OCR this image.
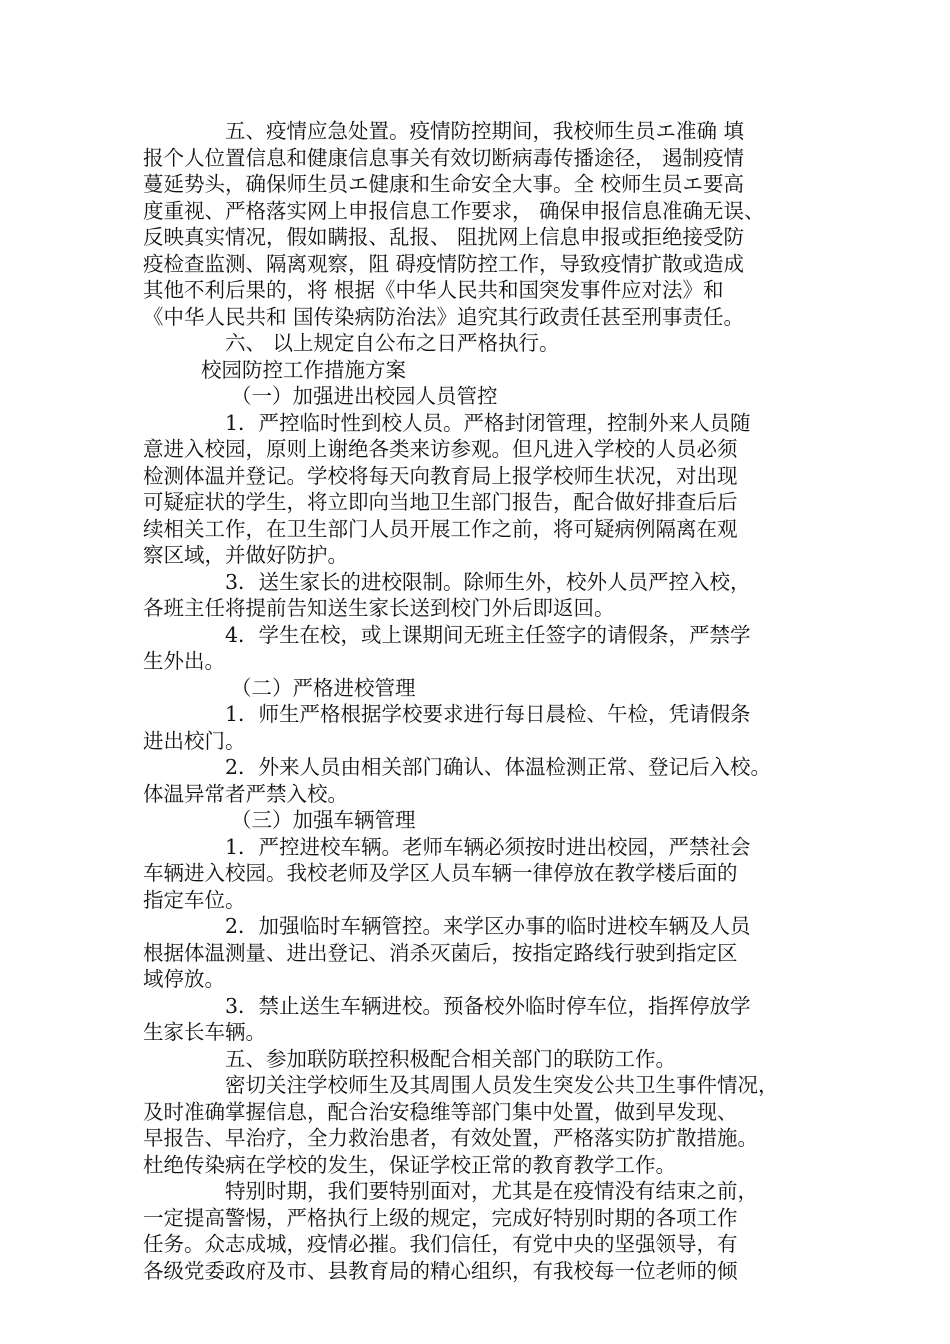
五、疫情应急处置。疫情防控期间，我校师生员エ准确 填
报个人位置信息和健康信息事关有效切断病毒传播途径， 遏制疫情
蔓延势头，确保师生员エ健康和生命安全大事。全 校师生员エ要高
度重视、严格落实网上申报信息工作要求， 确保申报信息准确无误、
反映真实情况，假如瞒报、乱报、 阻扰网上信息申报或拒绝接受防
疫检查监测、隔离观察，阻 碍疫情防控工作，导致疫情扩散或造成
其他不利后果的，将 根据《中华人民共和国突发事件应对法》和
《中华人民共和 国传染病防治法》追究其行政责任甚至刑事责任。
六、 以上规定自公布之日严格执行。
校园防控工作措施方案
（一）加强进出校园人员管控
1．严控临时性到校人员。严格封闭管理，控制外来人员随
意进入校园，原则上谢绝各类来访参观。但凡进入学校的人员必须
检测体温并登记。学校将每天向教育局上报学校师生状况，对出现
可疑症状的学生，将立即向当地卫生部门报告，配合做好排查后后
续相关工作，在卫生部门人员开展工作之前，将可疑病例隔离在观
察区域，并做好防护。
3．送生家长的进校限制。除师生外，校外人员严控入校，
各班主任将提前告知送生家长送到校门外后即返回。
4．学生在校，或上课期间无班主任签字的请假条，严禁学
生外出。
（二）严格进校管理
1．师生严格根据学校要求进行每日晨检、午检，凭请假条
进出校门。
2．外来人员由相关部门确认、体温检测正常、登记后入校。
体温异常者严禁入校。
（三）加强车辆管理
1．严控进校车辆。老师车辆必须按时进出校园，严禁社会
车辆进入校园。我校老师及学区人员车辆一律停放在教学楼后面的
指定车位。
2．加强临时车辆管控。来学区办事的临时进校车辆及人员
根据体温测量、进出登记、消杀灭菌后，按指定路线行驶到指定区
域停放。
3．禁止送生车辆进校。预备校外临时停车位，指挥停放学
生家长车辆。
五、参加联防联控积极配合相关部门的联防工作。
密切关注学校师生及其周围人员发生突发公共卫生事件情况，
及时准确掌握信息，配合治安稳维等部门集中处置，做到早发现、
早报告、早治疗，全力救治患者，有效处置，严格落实防扩散措施。
杜绝传染病在学校的发生，保证学校正常的教育教学工作。
特别时期，我们要特别面对，尤其是在疫情没有结束之前，
一定提高警惕，严格执行上级的规定，完成好特别时期的各项工作
任务。众志成城，疫情必摧。我们信任，有党中央的坚强领导，有
各级党委政府及市、县教育局的精心组织，有我校每一位老师的倾
